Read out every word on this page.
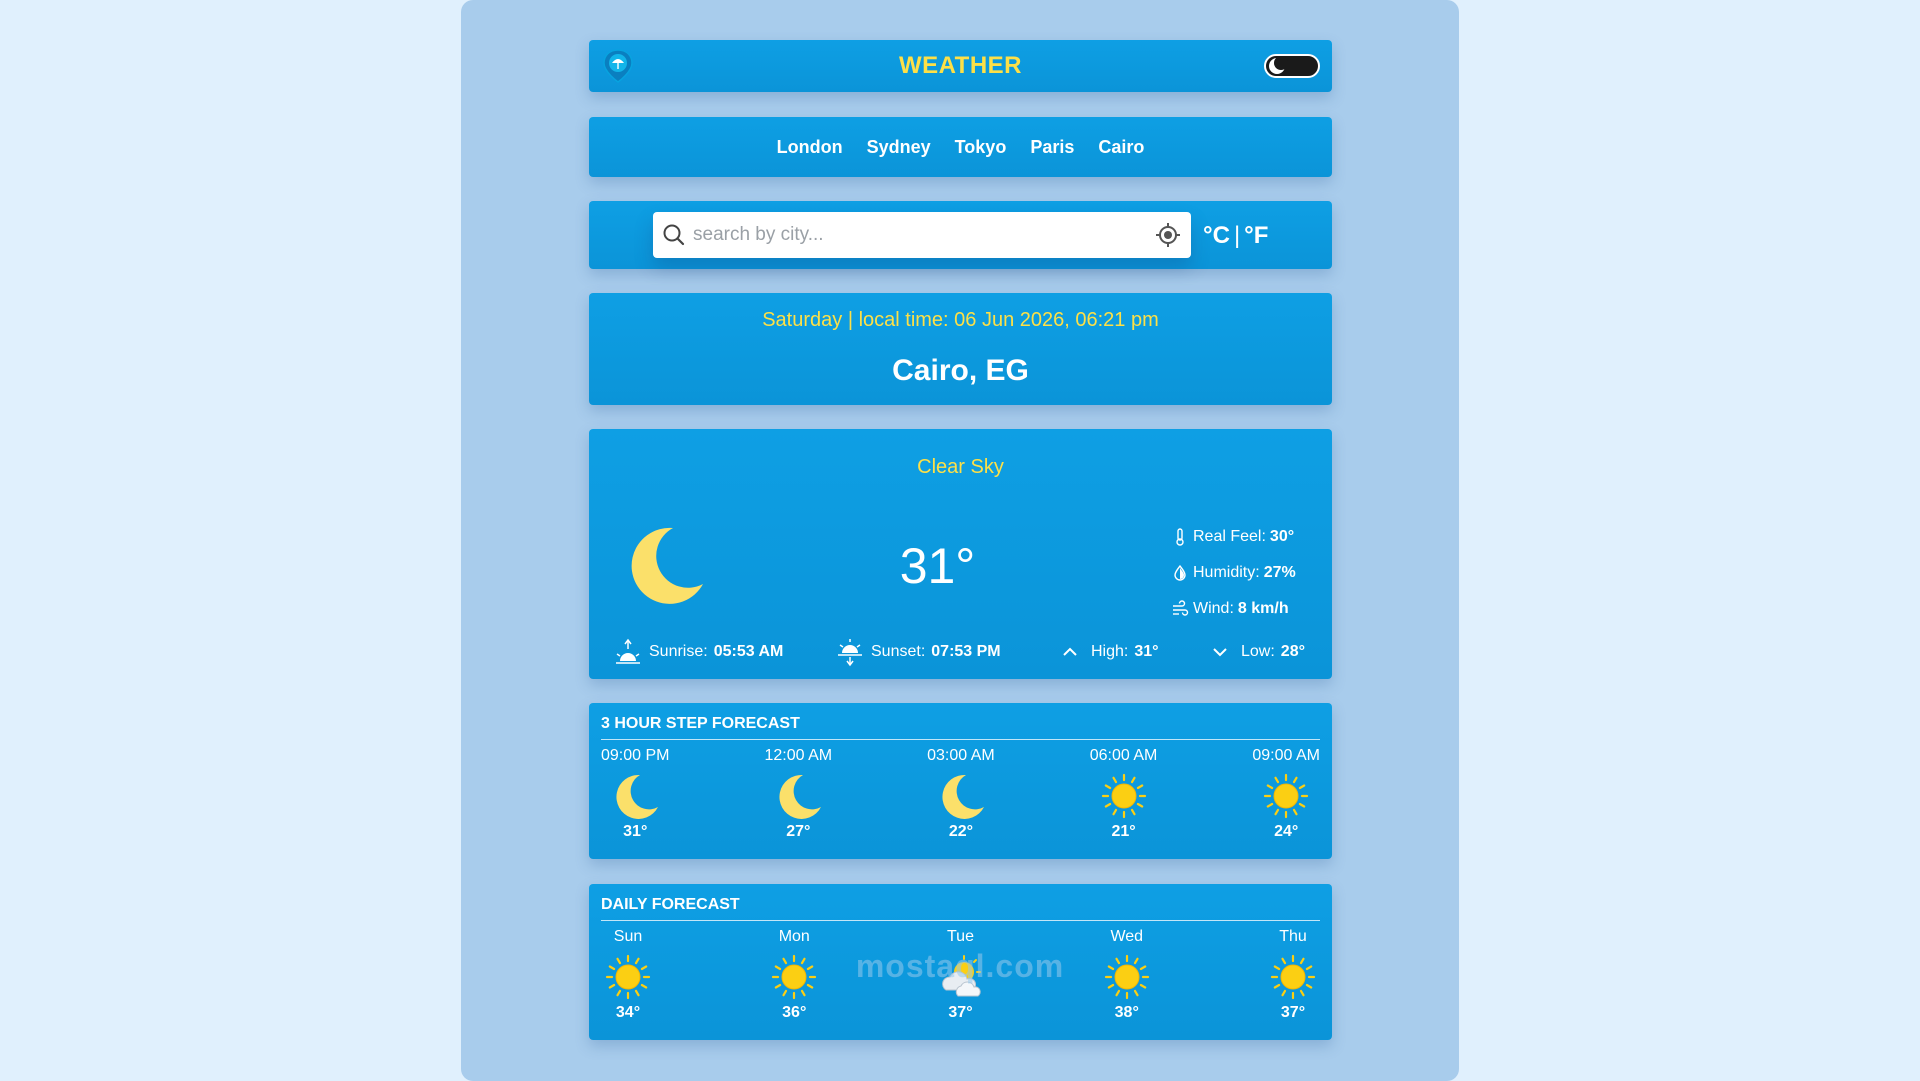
WEATHER
London Sydney Tokyo Paris Cairo
search by city...
°C | °F
Saturday | local time: 06 Jun 2026, 06:21 pm
Cairo, EG
Clear Sky
31°
Real Feel: 30°
Humidity: 27%
Wind: 8 km/h
Sunrise: 05:53 AM	Sunset: 07:53 PM	High: 31°	Low: 28°
3 HOUR STEP FORECAST
09:00 PM
31°
12:00 AM
27°
03:00 AM
22°
06:00 AM
21°
09:00 AM
24°
DAILY FORECAST
Sun
34°
Mon
36°
Tue
37°
Wed
38°
Thu
37°
mostaql.com
